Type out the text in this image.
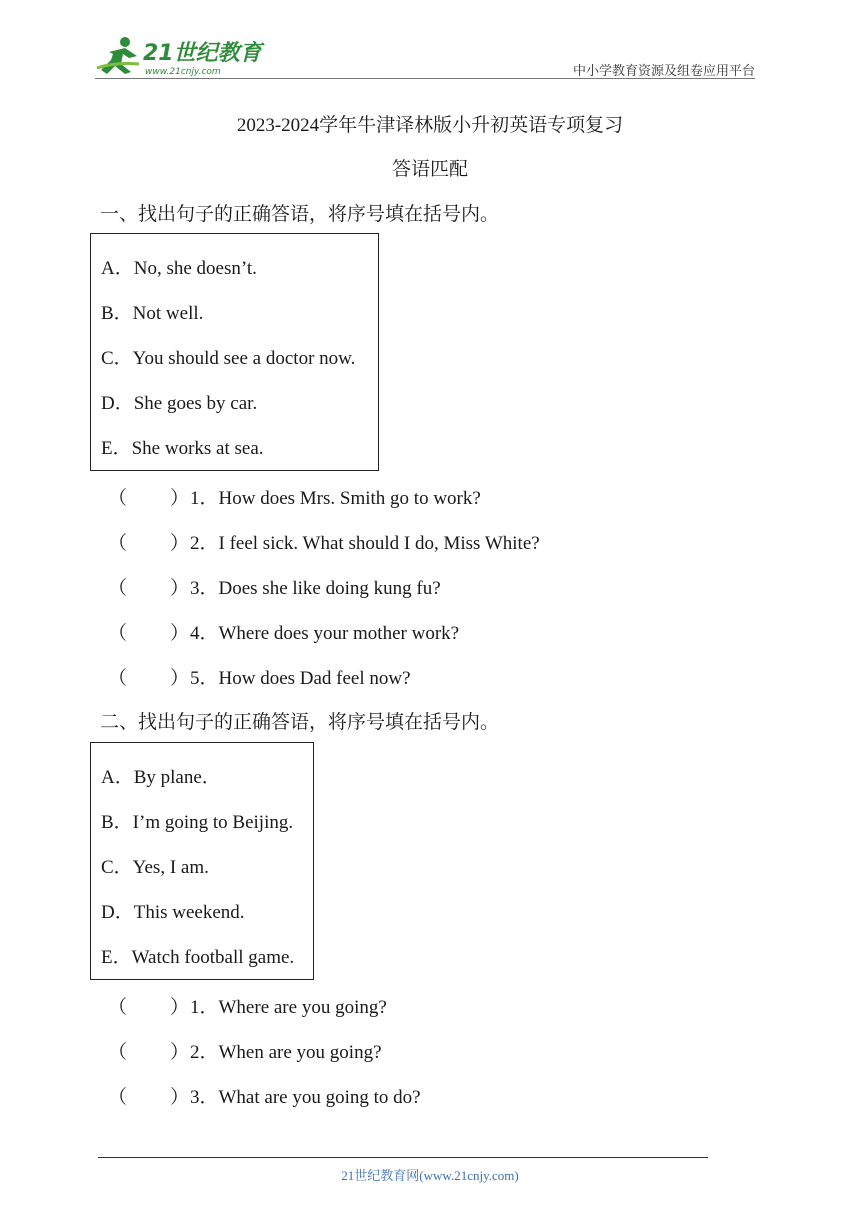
21世纪教育
www.21cnjy.com	中小学教育资源及组卷应用平台
2023-2024学年牛津译林版小升初英语专项复习
答语匹配
一、找出句子的正确答语，将序号填在括号内。
A．No, she doesn’t.
B．Not well.
C．You should see a doctor now.
D．She goes by car.
E．She works at sea.
（ ） 1．How does Mrs. Smith go to work?
（ ） 2．I feel sick. What should I do, Miss White?
（ ） 3．Does she like doing kung fu?
（ ） 4．Where does your mother work?
（ ） 5．How does Dad feel now?
二、找出句子的正确答语，将序号填在括号内。
A．By plane．
B．I’m going to Beijing.
C．Yes, I am.
D．This weekend.
E．Watch football game.
（ ） 1．Where are you going?
（ ） 2．When are you going?
（ ） 3．What are you going to do?
21世纪教育网(www.21cnjy.com)
